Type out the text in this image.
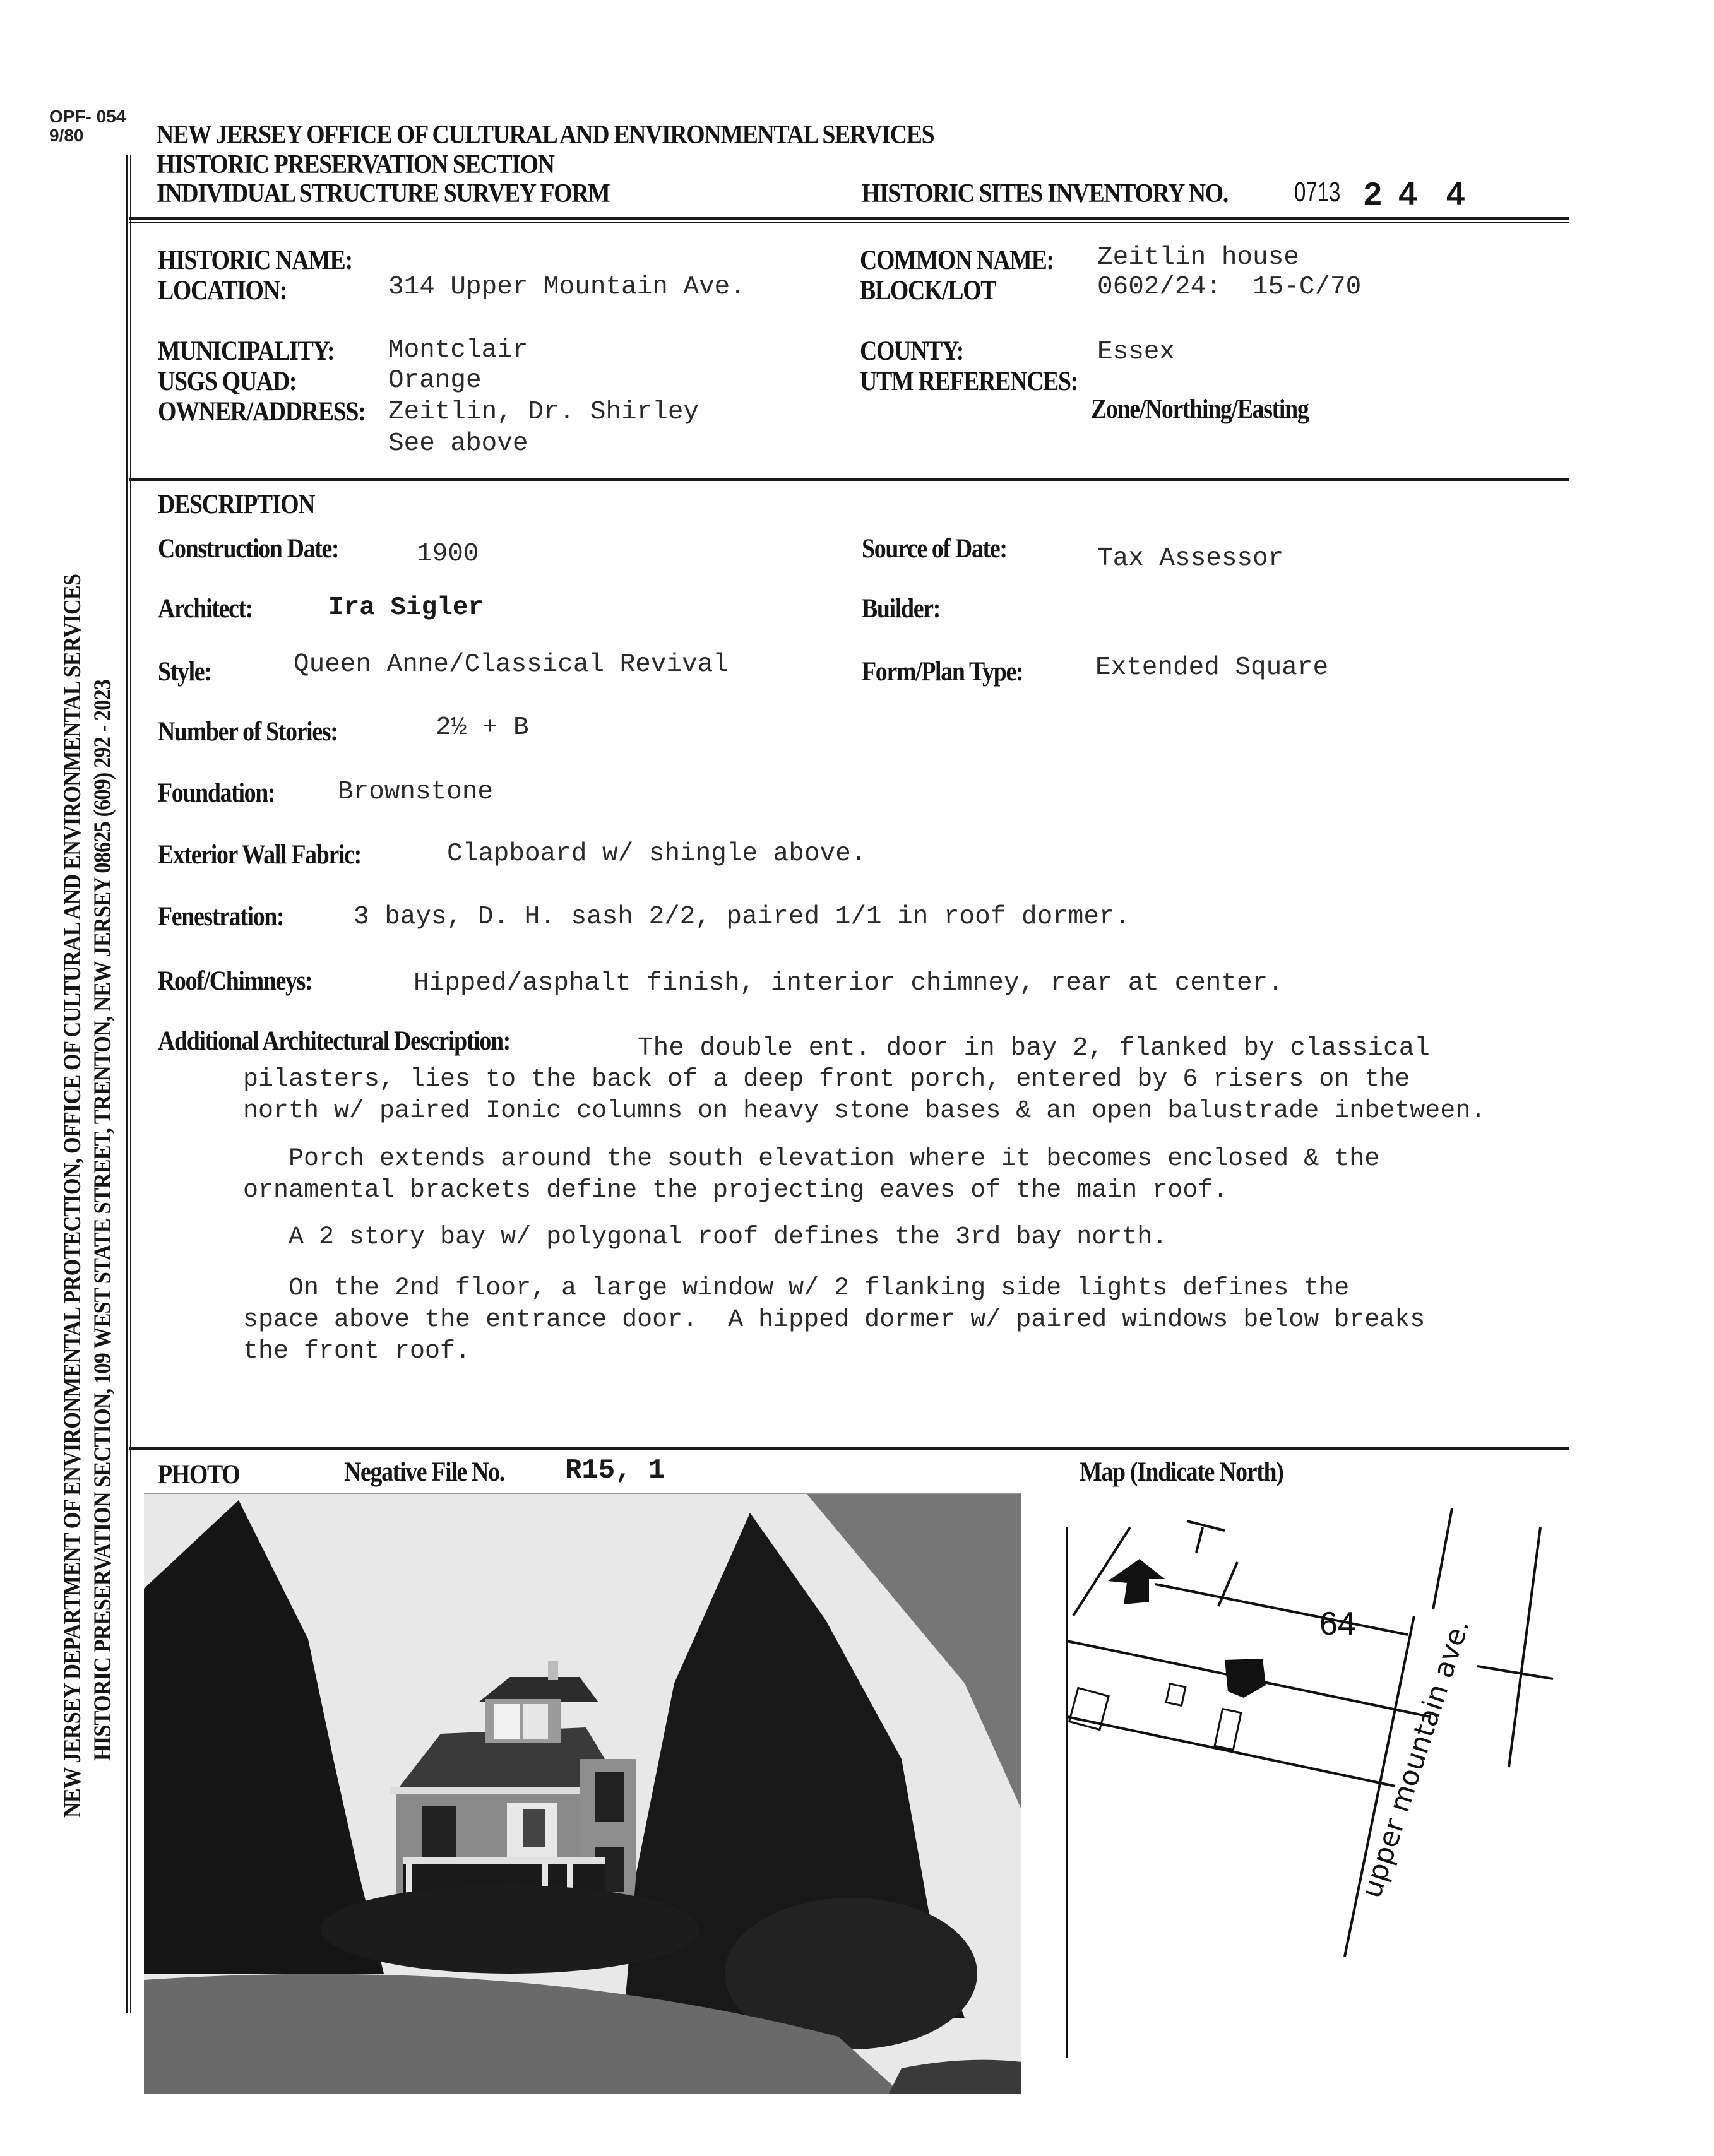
OPF- 054
9/80	NEW JERSEY OFFICE OF CULTURAL AND ENVIRONMENTAL SERVICES
HISTORIC PRESERVATION SECTION
INDIVIDUAL STRUCTURE SURVEY FORM	HISTORIC SITES INVENTORY NO. 0713 2 4  4
NEW JERSEY DEPARTMENT OF ENVIRONMENTAL PROTECTION, OFFICE OF CULTURAL AND ENVIRONMENTAL SERVICES HISTORIC PRESERVATION SECTION, 109 WEST STATE STREET, TRENTON, NEW JERSEY 08625 (609) 292 - 2023
HISTORIC NAME:
LOCATION:	314 Upper Mountain Ave.
MUNICIPALITY: Montclair
USGS QUAD:	Orange
OWNER/ADDRESS: Zeitlin, Dr. Shirley
See above
COMMON NAME: Zeitlin house
BLOCK/LOT	0602/24:  15-C/70
COUNTY:	Essex
UTM REFERENCES:
Zone/Northing/Easting
DESCRIPTION
Construction Date:	1900	Source of Date:	Tax Assessor
Architect:	Ira Sigler	Builder:
Style:	Queen Anne/Classical Revival	Form/Plan Type:	Extended Square
Number of Stories:	2½ + B
Foundation: Brownstone
Exterior Wall Fabric:	Clapboard w/ shingle above.
Fenestration:	3 bays, D. H. sash 2/2, paired 1/1 in roof dormer.
Roof/Chimneys:	Hipped/asphalt finish, interior chimney, rear at center.
Additional Architectural Description:	The double ent. door in bay 2, flanked by classical
pilasters, lies to the back of a deep front porch, entered by 6 risers on the
north w/ paired Ionic columns on heavy stone bases & an open balustrade inbetween.
Porch extends around the south elevation where it becomes enclosed & the
ornamental brackets define the projecting eaves of the main roof.
A 2 story bay w/ polygonal roof defines the 3rd bay north.
On the 2nd floor, a large window w/ 2 flanking side lights defines the
space above the entrance door.  A hipped dormer w/ paired windows below breaks
the front roof.
PHOTO	Negative File No. R15, 1	Map (Indicate North)
64 upper mountain ave.
